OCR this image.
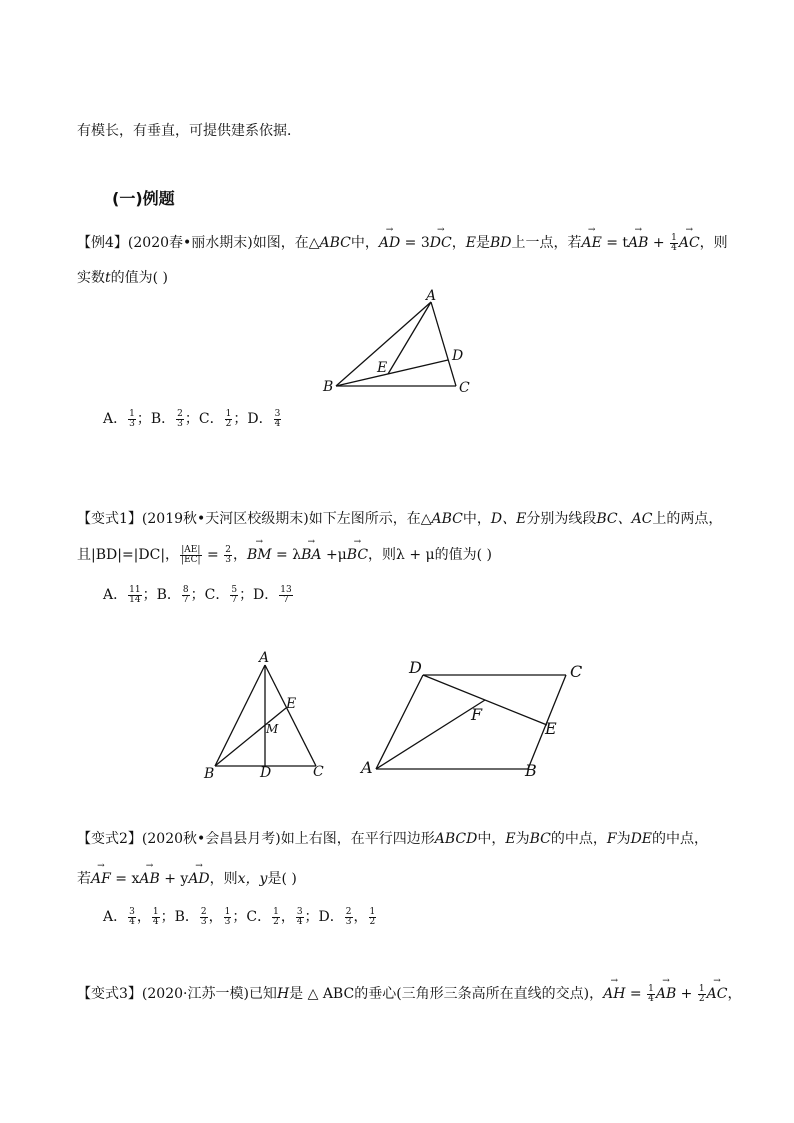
有模长，有垂直，可提供建系依据．
(一)例题
【例4】(2020春•丽水期末)如图，在△ABC中，→ AD = 3→ DC，E是BD上一点，若→ AE = t→ AB + $\frac{1}{4}$ → AC，则
实数t的值为( )
A
B	C
D
E
A． $\frac{1}{3}$ ；B． $\frac{2}{3}$ ；C． $\frac{1}{2}$ ；D． $\frac{3}{4}$
【变式1】(2019秋•天河区校级期末)如下左图所示，在△ABC中，D、E分别为线段BC、AC上的两点，
且|BD|=|DC|， $\frac{|AE|}{|EC|} = \frac{2}{3}$ ，→ BM = λ→ BA +μ→ BC，则λ + μ的值为( )
A． $\frac{11}{14}$ ；B． $\frac{8}{7}$ ；C． $\frac{5}{7}$ ；D． $\frac{13}{7}$
A
B	C
D
E
M
D	C
A	B
E
F
【变式2】(2020秋•会昌县月考)如上右图，在平行四边形ABCD中，E为BC的中点，F为DE的中点，
若→ AF = x→ AB + y→ AD，则x，y是( )
A． $\frac{3}{4}$ ， $\frac{1}{4}$ ；B． $\frac{2}{3}$ ， $\frac{1}{3}$ ；C． $\frac{1}{2}$ ， $\frac{3}{4}$ ；D． $\frac{2}{3}$ ， $\frac{1}{2}$
【变式3】(2020·江苏一模)已知H是 △ ABC的垂心(三角形三条高所在直线的交点)，→ AH = $\frac{1}{4}$ → AB + $\frac{1}{2}$ → AC，
